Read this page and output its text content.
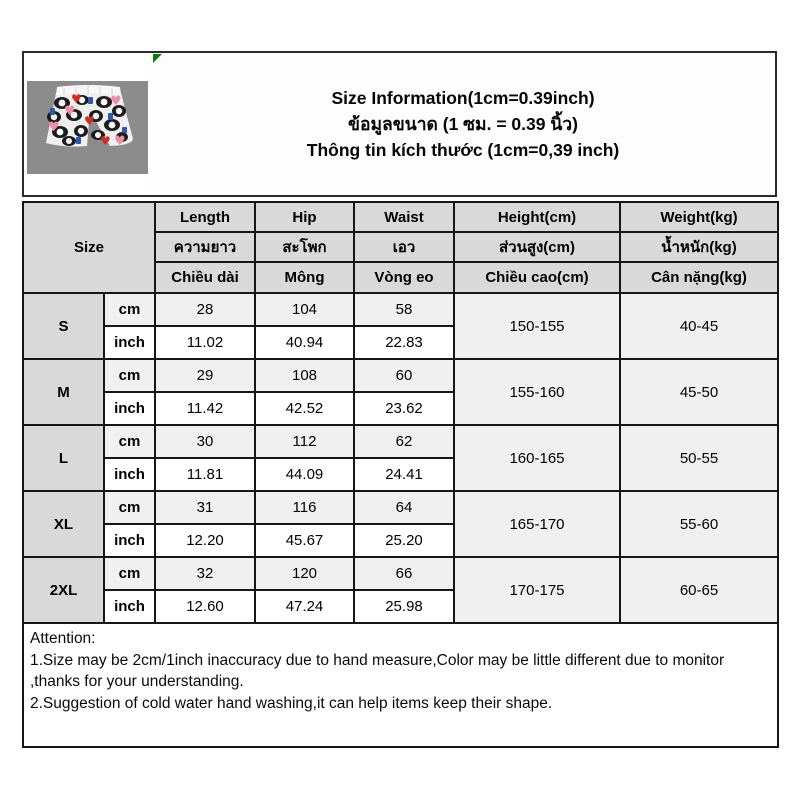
♥
♥
♥
♥
♥
♥
♥	Size Information(1cm=0.39inch)
ข้อมูลขนาด (1 ซม. = 0.39 นิ้ว)
Thông tin kích thước (1cm=0,39 inch)
Size		Length	Hip	Waist	Height(cm)	Weight(kg)
		ความยาว	สะโพก	เอว	ส่วนสูง(cm)	น้ำหนัก(kg)
		Chiều dài	Mông	Vòng eo	Chiều cao(cm)	Cân nặng(kg)
S	cm	28	104	58	150-155	40-45
	inch	11.02	40.94	22.83		
M	cm	29	108	60	155-160	45-50
	inch	11.42	42.52	23.62		
L	cm	30	112	62	160-165	50-55
	inch	11.81	44.09	24.41		
XL	cm	31	116	64	165-170	55-60
	inch	12.20	45.67	25.20		
2XL	cm	32	120	66	170-175	60-65
	inch	12.60	47.24	25.98		
Attention:
1.Size may be 2cm/1inch inaccuracy due to hand measure,Color may be little different due to monitor
,thanks for your understanding.
2.Suggestion of cold water hand washing,it can help items keep their shape.
